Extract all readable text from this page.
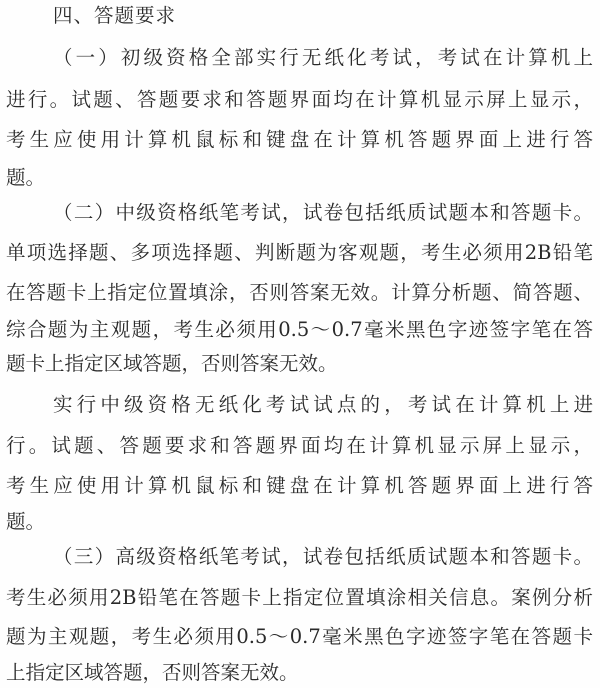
四、答题要求
（一）初级资格全部实行无纸化考试，考试在计算机上
进行。试题、答题要求和答题界面均在计算机显示屏上显示，
考生应使用计算机鼠标和键盘在计算机答题界面上进行答
题。
（二）中级资格纸笔考试，试卷包括纸质试题本和答题卡。
单项选择题、多项选择题、判断题为客观题，考生必须用2B铅笔
在答题卡上指定位置填涂，否则答案无效。计算分析题、简答题、
综合题为主观题，考生必须用0.5～0.7毫米黑色字迹签字笔在答
题卡上指定区域答题，否则答案无效。
实行中级资格无纸化考试试点的，考试在计算机上进
行。试题、答题要求和答题界面均在计算机显示屏上显示，
考生应使用计算机鼠标和键盘在计算机答题界面上进行答
题。
（三）高级资格纸笔考试，试卷包括纸质试题本和答题卡。
考生必须用2B铅笔在答题卡上指定位置填涂相关信息。案例分析
题为主观题，考生必须用0.5～0.7毫米黑色字迹签字笔在答题卡
上指定区域答题，否则答案无效。
